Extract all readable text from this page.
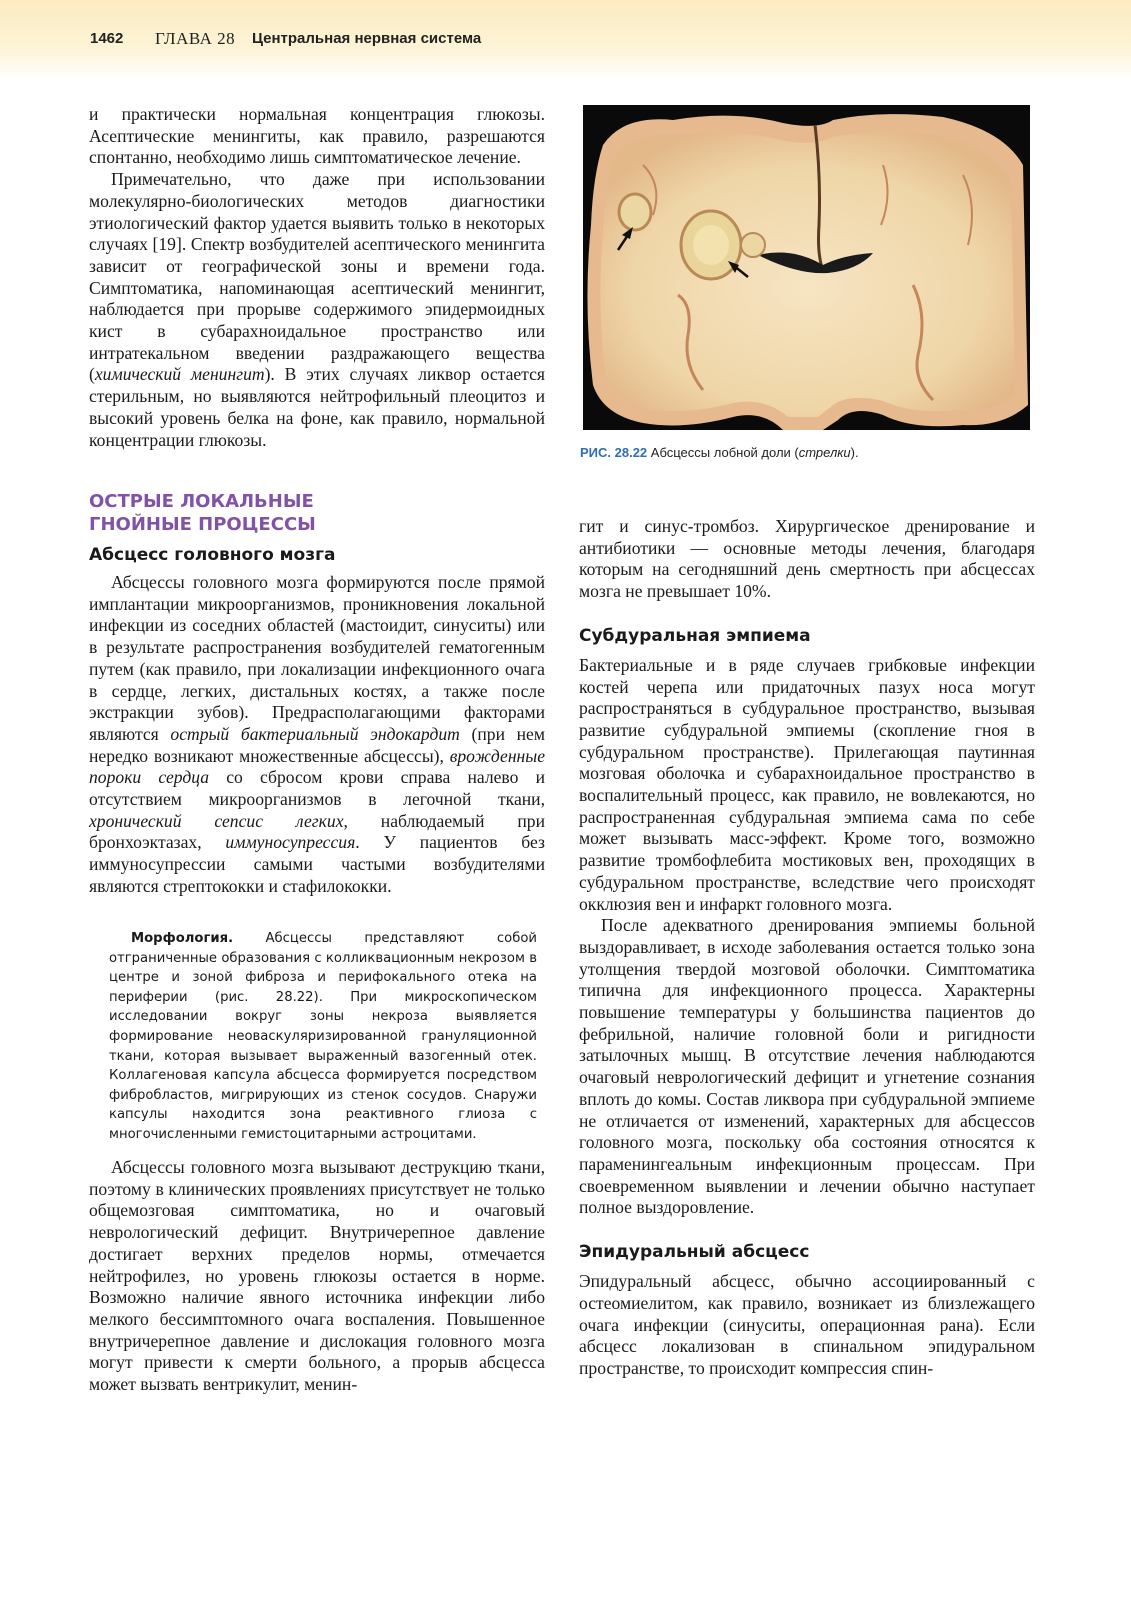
1462 ГЛАВА 28 Центральная нервная система

и практически нормальная концентрация глюкозы. Асептические менингиты, как правило, разрешаются спонтанно, необходимо лишь симптоматическое лечение.

Примечательно, что даже при использовании молекулярно-биологических методов диагностики этиологический фактор удается выявить только в некоторых случаях [19]. Спектр возбудителей асептического менингита зависит от географической зоны и времени года. Симптоматика, напоминающая асептический менингит, наблюдается при прорыве содержимого эпидермоидных кист в субарахноидальное пространство или интратекальном введении раздражающего вещества (химический менингит). В этих случаях ликвор остается стерильным, но выявляются нейтрофильный плеоцитоз и высокий уровень белка на фоне, как правило, нормальной концентрации глюкозы.

ОСТРЫЕ ЛОКАЛЬНЫЕ
ГНОЙНЫЕ ПРОЦЕССЫ
Абсцесс головного мозга

Абсцессы головного мозга формируются после прямой имплантации микроорганизмов, проникновения локальной инфекции из соседних областей (мастоидит, синуситы) или в результате распространения возбудителей гематогенным путем (как правило, при локализации инфекционного очага в сердце, легких, дистальных костях, а также после экстракции зубов). Предрасполагающими факторами являются острый бактериальный эндокардит (при нем нередко возникают множественные абсцессы), врожденные пороки сердца со сбросом крови справа налево и отсутствием микроорганизмов в легочной ткани, хронический сепсис легких, наблюдаемый при бронхоэктазах, иммуносупрессия. У пациентов без иммуносупрессии самыми частыми возбудителями являются стрептококки и стафилококки.

Морфология. Абсцессы представляют собой отграниченные образования с колликвационным некрозом в центре и зоной фиброза и перифокального отека на периферии (рис. 28.22). При микроскопическом исследовании вокруг зоны некроза выявляется формирование неоваскуляризированной грануляционной ткани, которая вызывает выраженный вазогенный отек. Коллагеновая капсула абсцесса формируется посредством фибробластов, мигрирующих из стенок сосудов. Снаружи капсулы находится зона реактивного глиоза с многочисленными гемистоцитарными астроцитами.

Абсцессы головного мозга вызывают деструкцию ткани, поэтому в клинических проявлениях присутствует не только общемозговая симптоматика, но и очаговый неврологический дефицит. Внутричерепное давление достигает верхних пределов нормы, отмечается нейтрофилез, но уровень глюкозы остается в норме. Возможно наличие явного источника инфекции либо мелкого бессимптомного очага воспаления. Повышенное внутричерепное давление и дислокация головного мозга могут привести к смерти больного, а прорыв абсцесса может вызвать вентрикулит, менин-

РИС. 28.22 Абсцессы лобной доли (стрелки).

гит и синус-тромбоз. Хирургическое дренирование и антибиотики — основные методы лечения, благодаря которым на сегодняшний день смертность при абсцессах мозга не превышает 10%.

Субдуральная эмпиема

Бактериальные и в ряде случаев грибковые инфекции костей черепа или придаточных пазух носа могут распространяться в субдуральное пространство, вызывая развитие субдуральной эмпиемы (скопление гноя в субдуральном пространстве). Прилегающая паутинная мозговая оболочка и субарахноидальное пространство в воспалительный процесс, как правило, не вовлекаются, но распространенная субдуральная эмпиема сама по себе может вызывать масс-эффект. Кроме того, возможно развитие тромбофлебита мостиковых вен, проходящих в субдуральном пространстве, вследствие чего происходят окклюзия вен и инфаркт головного мозга.

После адекватного дренирования эмпиемы больной выздоравливает, в исходе заболевания остается только зона утолщения твердой мозговой оболочки. Симптоматика типична для инфекционного процесса. Характерны повышение температуры у большинства пациентов до фебрильной, наличие головной боли и ригидности затылочных мышц. В отсутствие лечения наблюдаются очаговый неврологический дефицит и угнетение сознания вплоть до комы. Состав ликвора при субдуральной эмпиеме не отличается от изменений, характерных для абсцессов головного мозга, поскольку оба состояния относятся к параменингеальным инфекционным процессам. При своевременном выявлении и лечении обычно наступает полное выздоровление.

Эпидуральный абсцесс

Эпидуральный абсцесс, обычно ассоциированный с остеомиелитом, как правило, возникает из близлежащего очага инфекции (синуситы, операционная рана). Если абсцесс локализован в спинальном эпидуральном пространстве, то происходит компрессия спин-
